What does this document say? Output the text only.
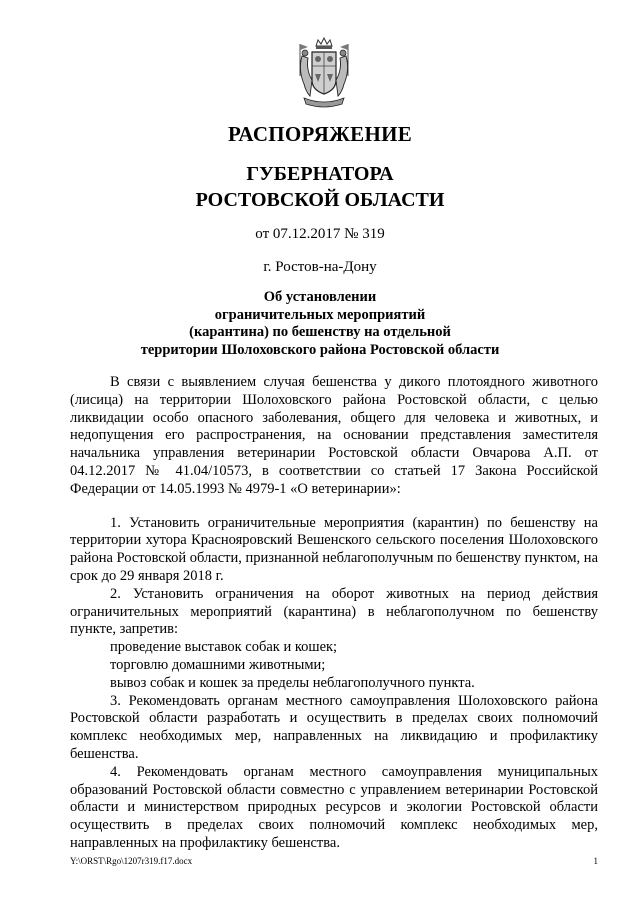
РАСПОРЯЖЕНИЕ
ГУБЕРНАТОРА
РОСТОВСКОЙ ОБЛАСТИ
от 07.12.2017 № 319
г. Ростов-на-Дону
Об установлении
ограничительных мероприятий
(карантина) по бешенству на отдельной
территории Шолоховского района Ростовской области

В связи с выявлением случая бешенства у дикого плотоядного животного (лисица) на территории Шолоховского района Ростовской области, с целью ликвидации особо опасного заболевания, общего для человека и животных, и недопущения его распространения, на основании представления заместителя начальника управления ветеринарии Ростовской области Овчарова А.П. от 04.12.2017 № 41.04/10573, в соответствии со статьей 17 Закона Российской Федерации от 14.05.1993 № 4979-1 «О ветеринарии»:

1. Установить ограничительные мероприятия (карантин) по бешенству на территории хутора Краснояровский Вешенского сельского поселения Шолоховского района Ростовской области, признанной неблагополучным по бешенству пунктом, на срок до 29 января 2018 г.

2. Установить ограничения на оборот животных на период действия ограничительных мероприятий (карантина) в неблагополучном по бешенству пункте, запретив:

проведение выставок собак и кошек;

торговлю домашними животными;

вывоз собак и кошек за пределы неблагополучного пункта.

3. Рекомендовать органам местного самоуправления Шолоховского района Ростовской области разработать и осуществить в пределах своих полномочий комплекс необходимых мер, направленных на ликвидацию и профилактику бешенства.

4. Рекомендовать органам местного самоуправления муниципальных образований Ростовской области совместно с управлением ветеринарии Ростовской области и министерством природных ресурсов и экологии Ростовской области осуществить в пределах своих полномочий комплекс необходимых мер, направленных на профилактику бешенства.

Y:\ORST\Rgo\1207r319.f17.docx	1
